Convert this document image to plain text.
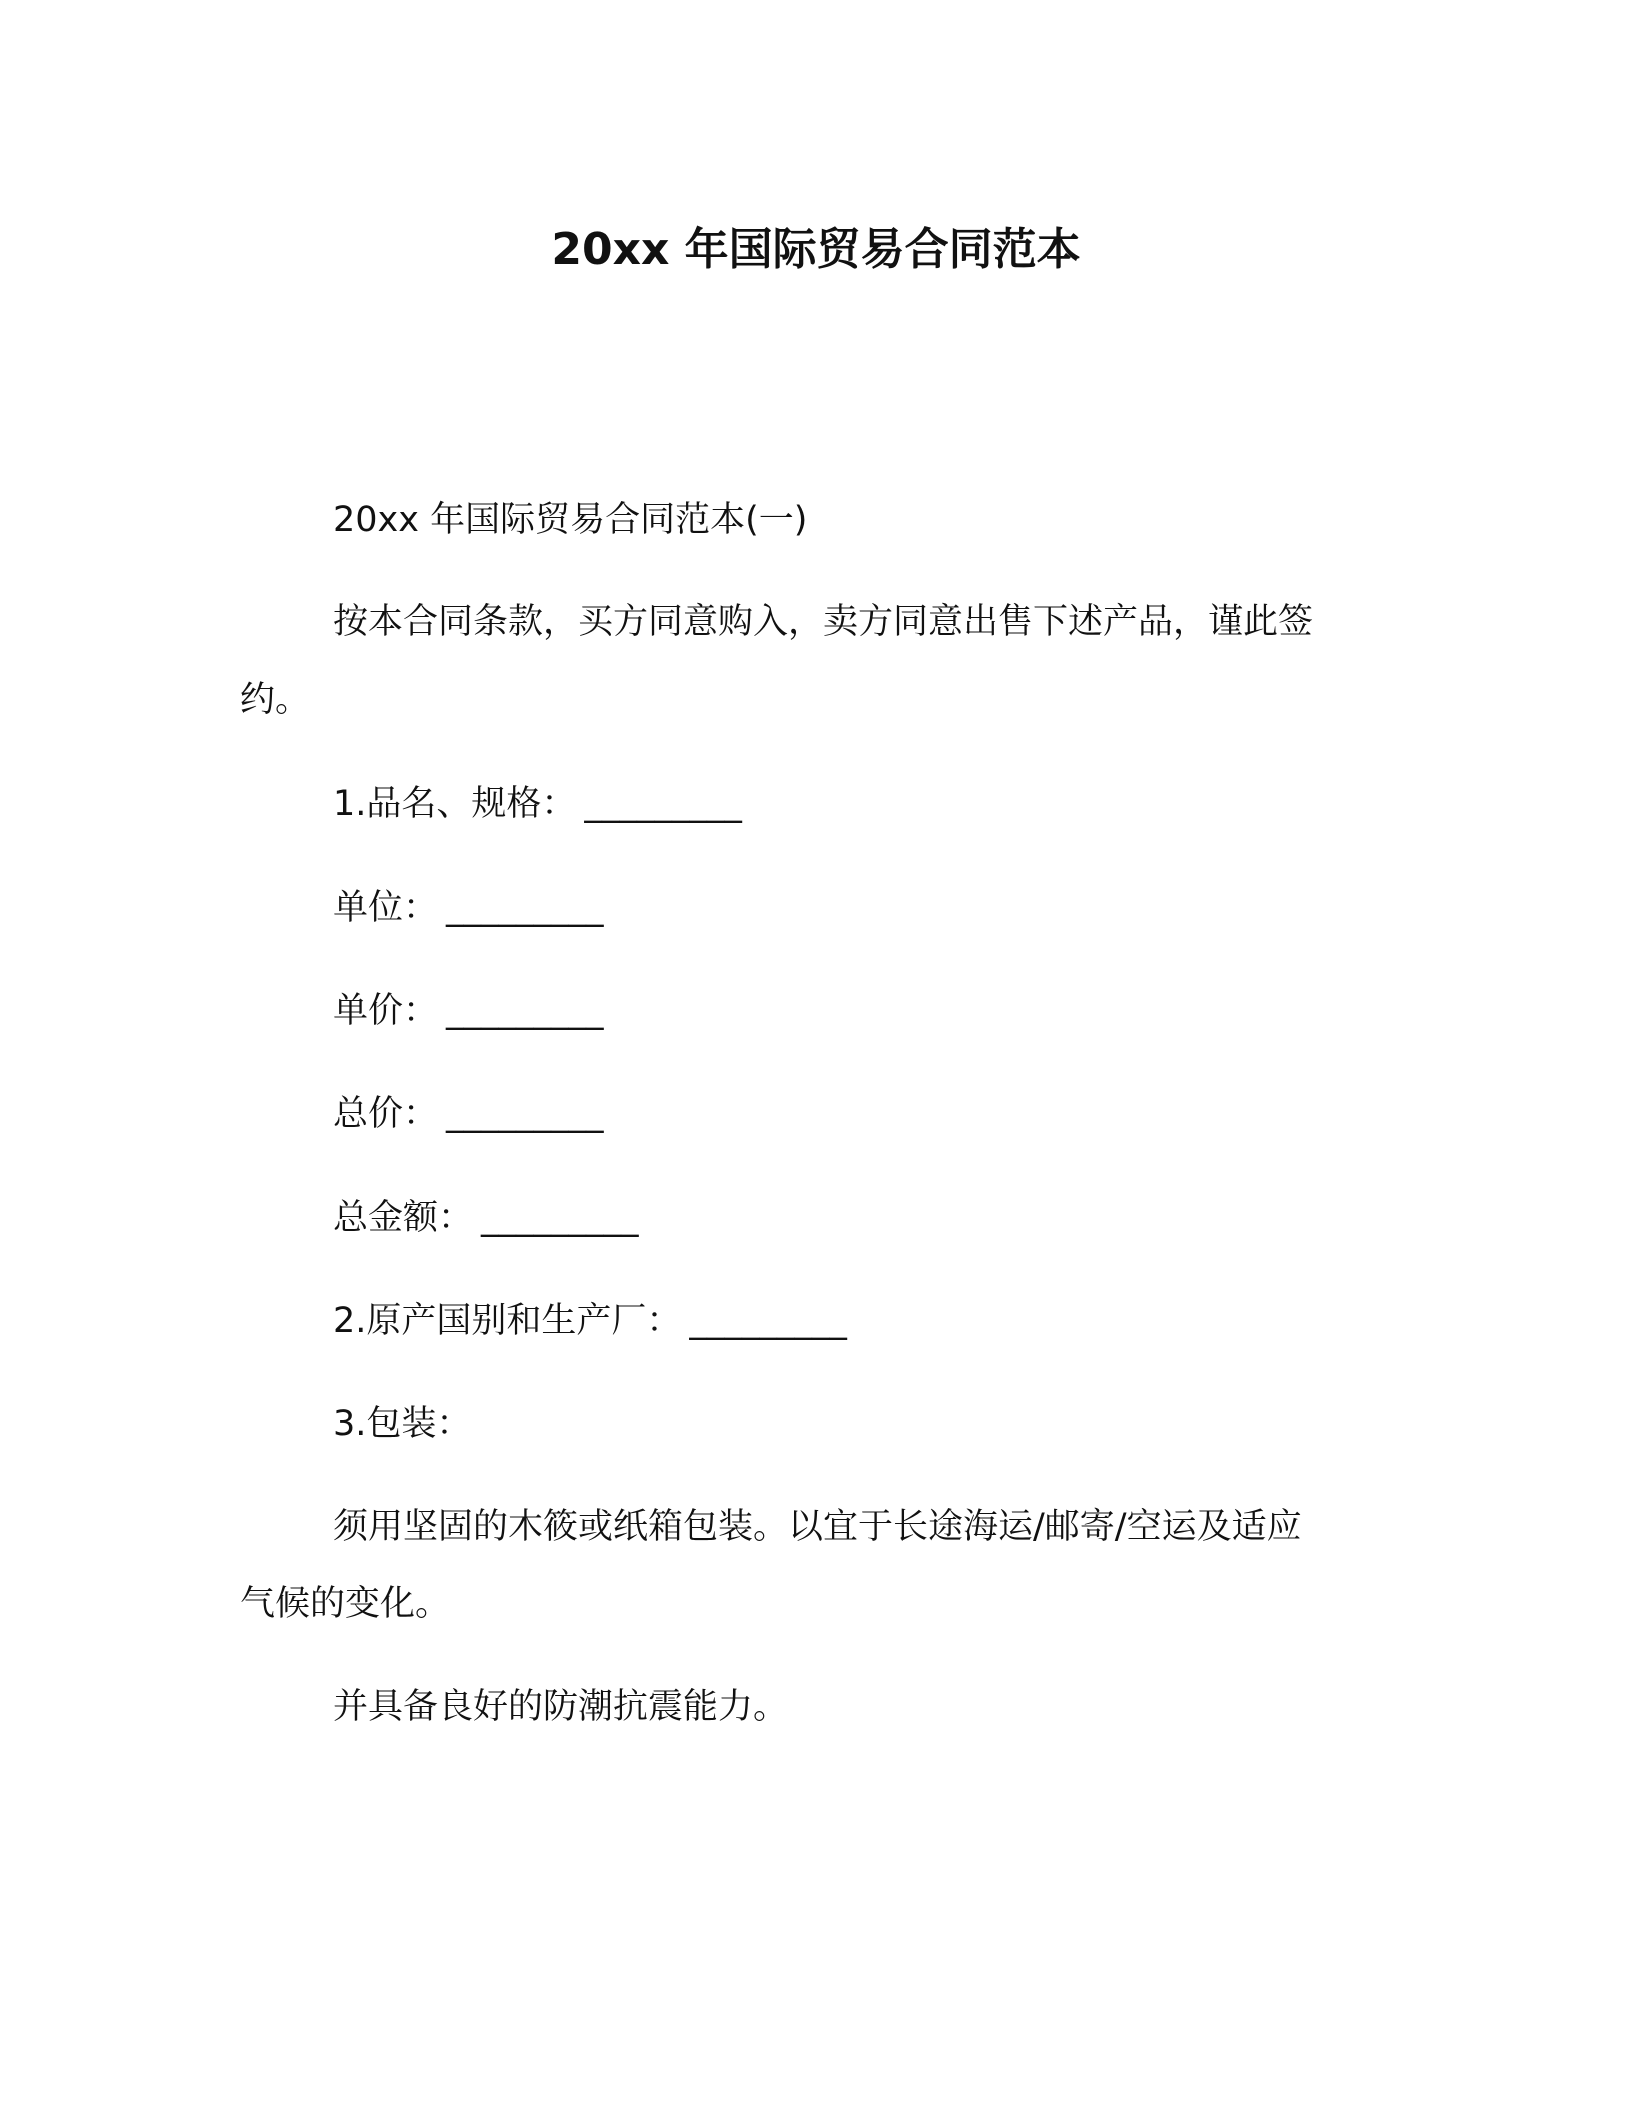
20xx 年国际贸易合同范本
20xx 年国际贸易合同范本(一)
按本合同条款，买方同意购入，卖方同意出售下述产品，谨此签
约。
1.品名、规格： _________
单位： _________
单价： _________
总价： _________
总金额： _________
2.原产国别和生产厂： _________
3.包装：
须用坚固的木筱或纸箱包装。以宜于长途海运/邮寄/空运及适应
气候的变化。
并具备良好的防潮抗震能力。
